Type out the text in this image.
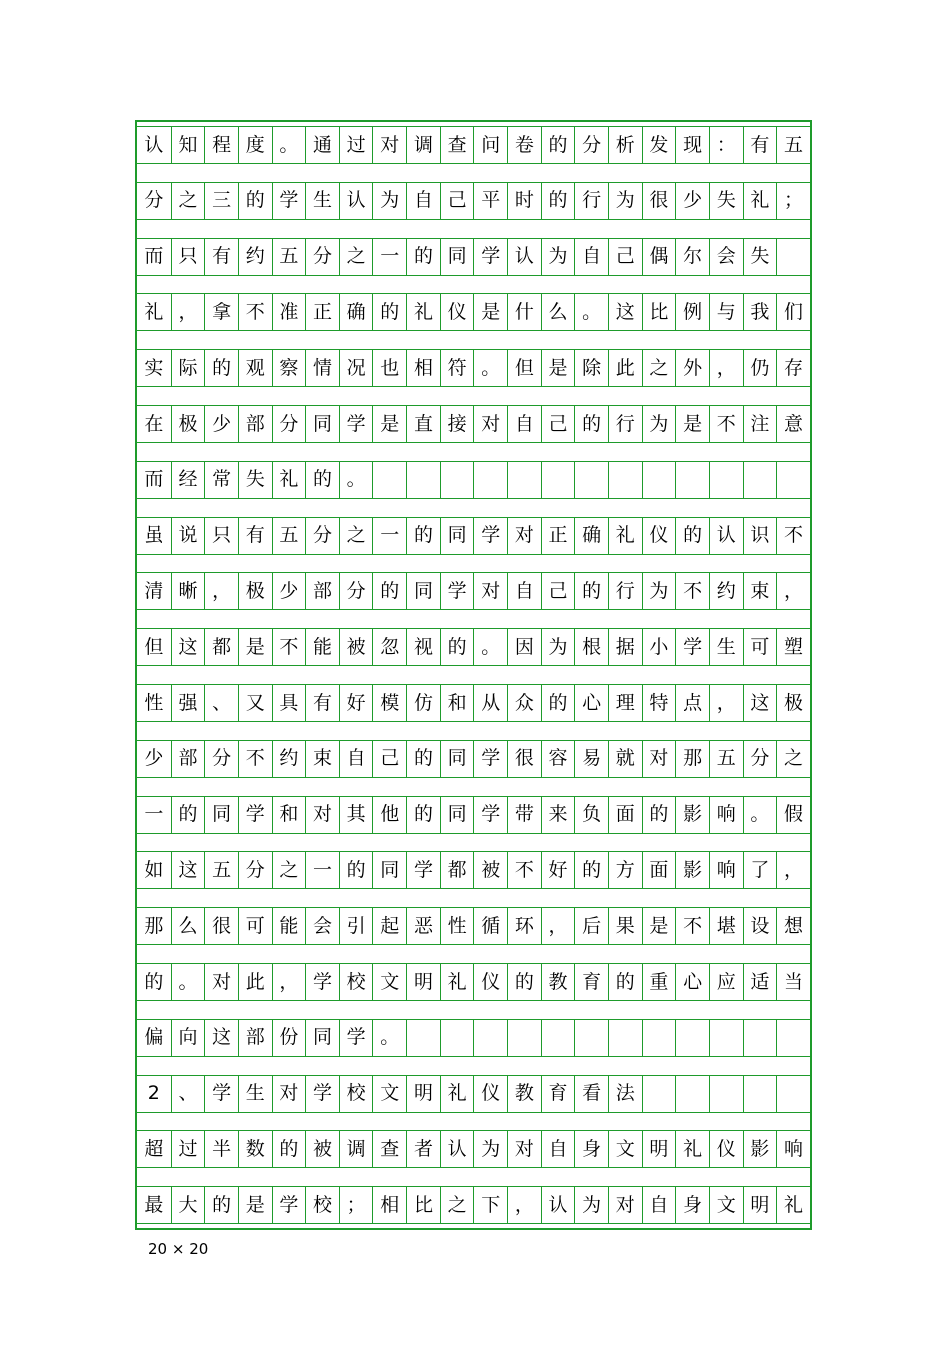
认 知 程 度 。 通 过 对 调 查 问 卷 的 分 析 发 现 ： 有 五
分 之 三 的 学 生 认 为 自 己 平 时 的 行 为 很 少 失 礼 ；
而 只 有 约 五 分 之 一 的 同 学 认 为 自 己 偶 尔 会 失
礼 ， 拿 不 准 正 确 的 礼 仪 是 什 么 。 这 比 例 与 我 们
实 际 的 观 察 情 况 也 相 符 。 但 是 除 此 之 外 ， 仍 存
在 极 少 部 分 同 学 是 直 接 对 自 己 的 行 为 是 不 注 意
而 经 常 失 礼 的 。
虽 说 只 有 五 分 之 一 的 同 学 对 正 确 礼 仪 的 认 识 不
清 晰 ， 极 少 部 分 的 同 学 对 自 己 的 行 为 不 约 束 ，
但 这 都 是 不 能 被 忽 视 的 。 因 为 根 据 小 学 生 可 塑
性 强 、 又 具 有 好 模 仿 和 从 众 的 心 理 特 点 ， 这 极
少 部 分 不 约 束 自 己 的 同 学 很 容 易 就 对 那 五 分 之
一 的 同 学 和 对 其 他 的 同 学 带 来 负 面 的 影 响 。 假
如 这 五 分 之 一 的 同 学 都 被 不 好 的 方 面 影 响 了 ，
那 么 很 可 能 会 引 起 恶 性 循 环 ， 后 果 是 不 堪 设 想
的 。 对 此 ， 学 校 文 明 礼 仪 的 教 育 的 重 心 应 适 当
偏 向 这 部 份 同 学 。
2 、 学 生 对 学 校 文 明 礼 仪 教 育 看 法
超 过 半 数 的 被 调 查 者 认 为 对 自 身 文 明 礼 仪 影 响
最 大 的 是 学 校 ； 相 比 之 下 ， 认 为 对 自 身 文 明 礼
20 × 20
